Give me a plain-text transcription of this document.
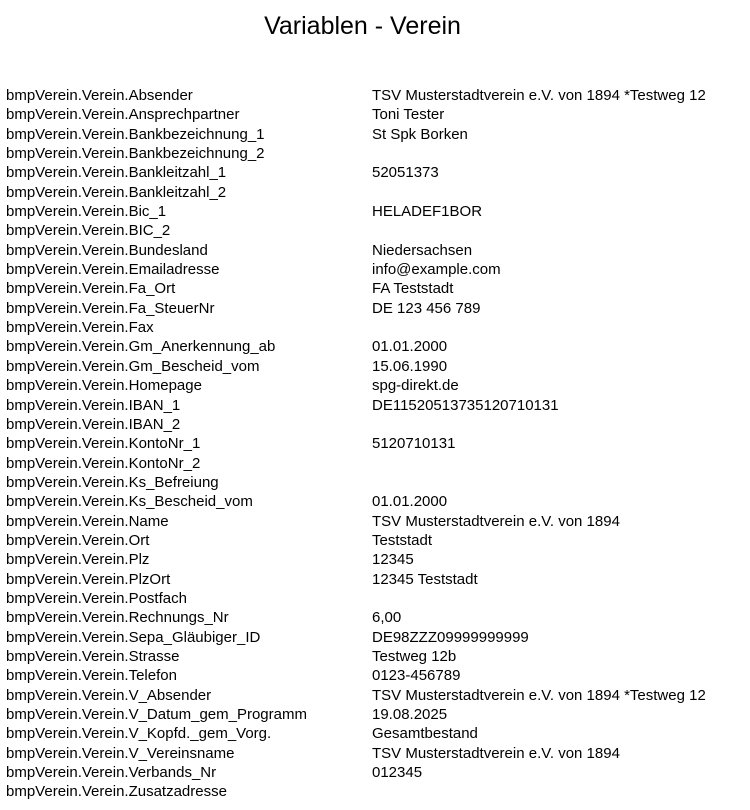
Variablen - Verein
bmpVerein.Verein.Absender	TSV Musterstadtverein e.V. von 1894 *Testweg 12
bmpVerein.Verein.Ansprechpartner	Toni Tester
bmpVerein.Verein.Bankbezeichnung_1	St Spk Borken
bmpVerein.Verein.Bankbezeichnung_2
bmpVerein.Verein.Bankleitzahl_1	52051373
bmpVerein.Verein.Bankleitzahl_2
bmpVerein.Verein.Bic_1	HELADEF1BOR
bmpVerein.Verein.BIC_2
bmpVerein.Verein.Bundesland	Niedersachsen
bmpVerein.Verein.Emailadresse	info@example.com
bmpVerein.Verein.Fa_Ort	FA Teststadt
bmpVerein.Verein.Fa_SteuerNr	DE 123 456 789
bmpVerein.Verein.Fax
bmpVerein.Verein.Gm_Anerkennung_ab	01.01.2000
bmpVerein.Verein.Gm_Bescheid_vom	15.06.1990
bmpVerein.Verein.Homepage	spg-direkt.de
bmpVerein.Verein.IBAN_1	DE11520513735120710131
bmpVerein.Verein.IBAN_2
bmpVerein.Verein.KontoNr_1	5120710131
bmpVerein.Verein.KontoNr_2
bmpVerein.Verein.Ks_Befreiung
bmpVerein.Verein.Ks_Bescheid_vom	01.01.2000
bmpVerein.Verein.Name	TSV Musterstadtverein e.V. von 1894
bmpVerein.Verein.Ort	Teststadt
bmpVerein.Verein.Plz	12345
bmpVerein.Verein.PlzOrt	12345 Teststadt
bmpVerein.Verein.Postfach
bmpVerein.Verein.Rechnungs_Nr	6,00
bmpVerein.Verein.Sepa_Gläubiger_ID	DE98ZZZ09999999999
bmpVerein.Verein.Strasse	Testweg 12b
bmpVerein.Verein.Telefon	0123-456789
bmpVerein.Verein.V_Absender	TSV Musterstadtverein e.V. von 1894 *Testweg 12
bmpVerein.Verein.V_Datum_gem_Programm	19.08.2025
bmpVerein.Verein.V_Kopfd._gem_Vorg.	Gesamtbestand
bmpVerein.Verein.V_Vereinsname	TSV Musterstadtverein e.V. von 1894
bmpVerein.Verein.Verbands_Nr	012345
bmpVerein.Verein.Zusatzadresse
